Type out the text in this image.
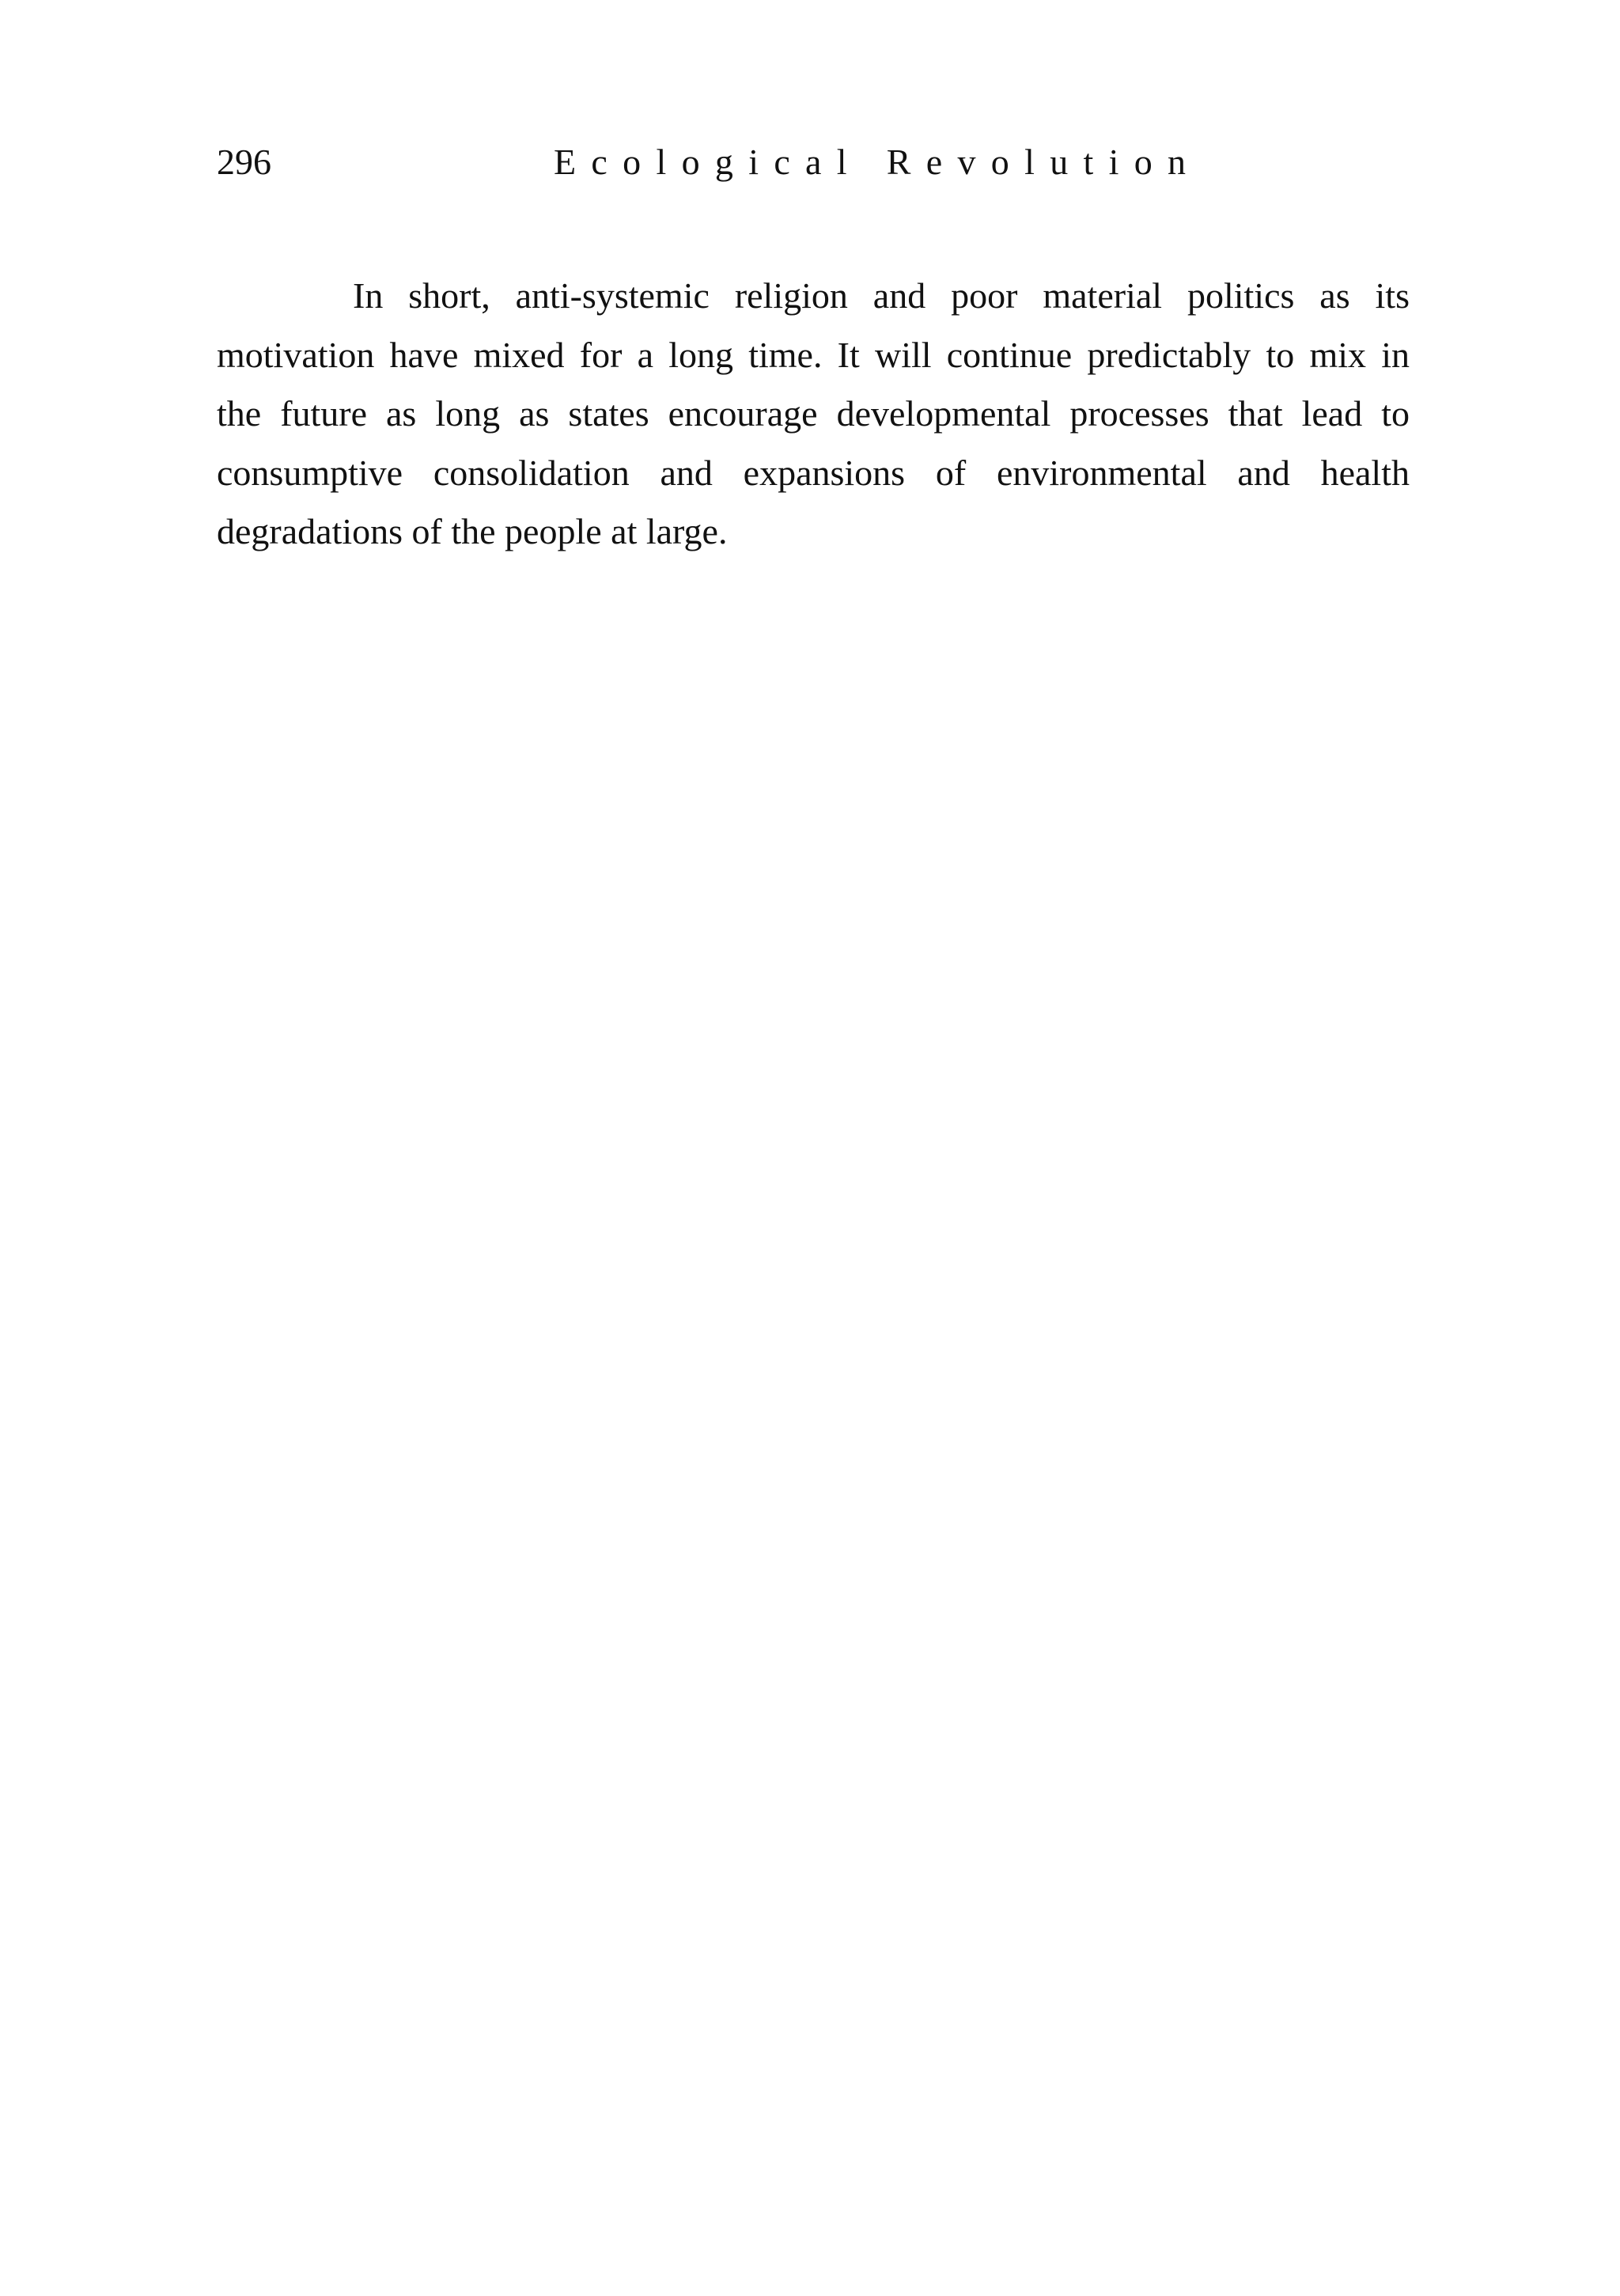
296	Ecological Revolution

In short, anti-systemic religion and poor material politics as its
motivation have mixed for a long time. It will continue predictably to mix in
the future as long as states encourage developmental processes that lead to
consumptive consolidation and expansions of environmental and health
degradations of the people at large.
